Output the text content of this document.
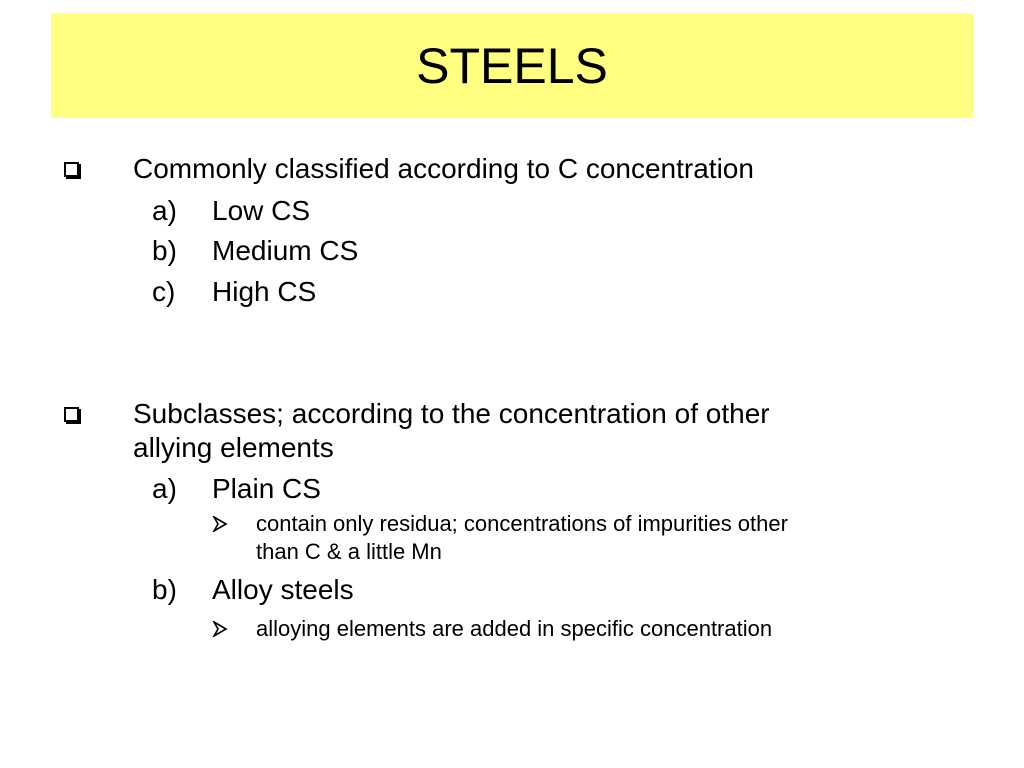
STEELS
Commonly classified according to C concentration
a) Low CS
b) Medium CS
c) High CS
Subclasses; according to the concentration of other
allying elements
a) Plain CS
contain only residua; concentrations of impurities other
than C & a little Mn
b) Alloy steels
alloying elements are added in specific concentration
